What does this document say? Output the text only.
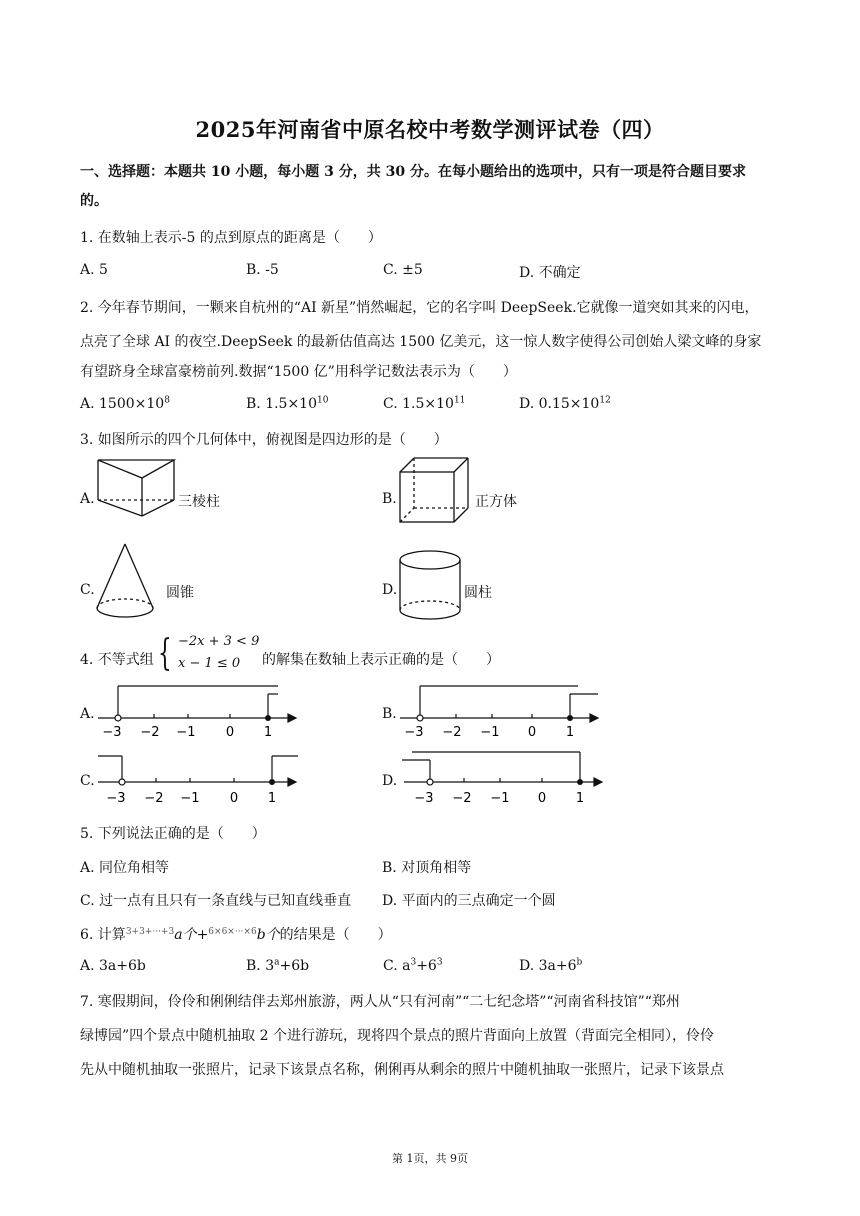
2025年河南省中原名校中考数学测评试卷（四）
一、选择题：本题共 10 小题，每小题 3 分，共 30 分。在每小题给出的选项中，只有一项是符合题目要求
的。
1. 在数轴上表示-5 的点到原点的距离是（　　）
A. 5	B. -5	C. ±5	D. 不确定
2. 今年春节期间，一颗来自杭州的“AI 新星”悄然崛起，它的名字叫 DeepSeek.它就像一道突如其来的闪电，
点亮了全球 AI 的夜空.DeepSeek 的最新估值高达 1500 亿美元，这一惊人数字使得公司创始人梁文峰的身家
有望跻身全球富豪榜前列.数据“1500 亿”用科学记数法表示为（　　）
A. $1500\times 10^8$	B. $1.5\times 10^{10}$	C. $1.5\times 10^{11}$	D. $0.15\times 10^{12}$
3. 如图所示的四个几何体中，俯视图是四边形的是（　　）
A.	三棱柱	B.	正方体
C.	圆锥	D.	圆柱
4. 不等式组 { −2x + 3 < 9
x − 1 ≤ 0 的解集在数轴上表示正确的是（　　）
A.	B.
C.	D.
−3 −2 −1 0 1	−3 −2 −1 0 1
−3 −2 −1 0 1	−3 −2 −1 0 1
5. 下列说法正确的是（　　）
A. 同位角相等	B. 对顶角相等
C. 过一点有且只有一条直线与已知直线垂直 D. 平面内的三点确定一个圆
6. 计算$^{3+3+\cdot\cdot\cdot+3}$a个+$^{6\times 6\times\cdot\cdot\cdot\times 6}$b个的结果是（　　）
A. 3a+6b	B. $3^a+6b$	C. $a^3+6^3$	D. $3a+6^b$
7. 寒假期间，伶伶和俐俐结伴去郑州旅游，两人从“只有河南”“二七纪念塔”“河南省科技馆”“郑州
绿博园”四个景点中随机抽取 2 个进行游玩，现将四个景点的照片背面向上放置（背面完全相同），伶伶
先从中随机抽取一张照片，记录下该景点名称，俐俐再从剩余的照片中随机抽取一张照片，记录下该景点
第 1页，共 9页
